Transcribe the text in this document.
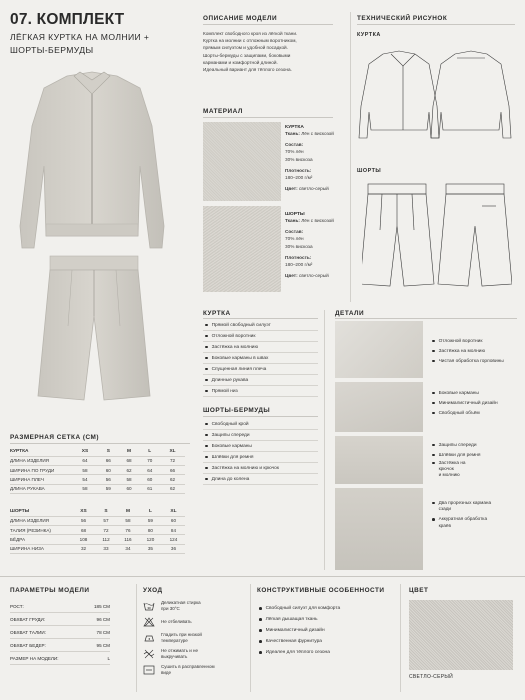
07. КОМПЛЕКТ
ЛЁГКАЯ КУРТКА НА МОЛНИИ +
ШОРТЫ-БЕРМУДЫ
ОПИСАНИЕ МОДЕЛИ
Комплект свободного кроя из лёгкой ткани.
Куртка на молнии с отложным воротником,
прямым силуэтом и удобной посадкой.
Шорты-бермуды с защипами, боковыми
карманами и комфортной длиной.
Идеальный вариант для тёплого сезона.
ТЕХНИЧЕСКИЙ РИСУНОК
КУРТКА
ШОРТЫ
МАТЕРИАЛ
КУРТКА
Ткань: Лён с вискозой
Состав:
70% лён
30% вискоза
Плотность:
180–200 г/м²
Цвет: светло-серый
ШОРТЫ
Ткань: Лён с вискозой
Состав:
70% лён
30% вискоза
Плотность:
180–200 г/м²
Цвет: светло-серый
КУРТКА
Прямой свободный силуэт
Отложной воротник
Застёжка на молнию
Боковые карманы в швах
Спущенная линия плеча
Длинные рукава
Прямой низ
ШОРТЫ-БЕРМУДЫ
Свободный крой
Защипы спереди
Боковые карманы
Шлёвки для ремня
Застёжка на молнию и крючок
Длина до колена
ДЕТАЛИ
Отложной воротник
Застёжка на молнию
Чистая обработка горловины
Боковые карманы
Минималистичный дизайн
Свободный объём
Защипы спереди
Шлёвки для ремня
Застёжка на
крючок
и молнию
Два прорезных кармана
сзади
Аккуратная обработка
краёв
РАЗМЕРНАЯ СЕТКА (СМ)
КУРТКА	XS	S	M	L	XL
ДЛИНА ИЗДЕЛИЯ	64	66	68	70	72
ШИРИНА ПО ГРУДИ	58	60	62	64	66
ШИРИНА ПЛЕЧ	54	56	58	60	62
ДЛИНА РУКАВА	58	59	60	61	62
ШОРТЫ	XS	S	M	L	XL
ДЛИНА ИЗДЕЛИЯ	56	57	58	59	60
ТАЛИЯ (РЕЗИНКА)	68	72	76	80	84
БЁДРА	108	112	116	120	124
ШИРИНА НИЗА	32	33	34	35	36
ПАРАМЕТРЫ МОДЕЛИ
РОСТ:	185 СМ
ОБХВАТ ГРУДИ:	96 СМ
ОБХВАТ ТАЛИИ:	78 СМ
ОБХВАТ БЕДЕР:	95 СМ
РАЗМЕР НА МОДЕЛИ:	L
УХОД
30
Деликатная стирка
при 30°C
Не отбеливать
Гладить при низкой
температуре
Не отжимать и не
выкручивать
Сушить в расправленном
виде
КОНСТРУКТИВНЫЕ ОСОБЕННОСТИ
Свободный силуэт для комфорта
Лёгкая дышащая ткань
Минималистичный дизайн
Качественная фурнитура
Идеален для тёплого сезона
ЦВЕТ
СВЕТЛО-СЕРЫЙ
